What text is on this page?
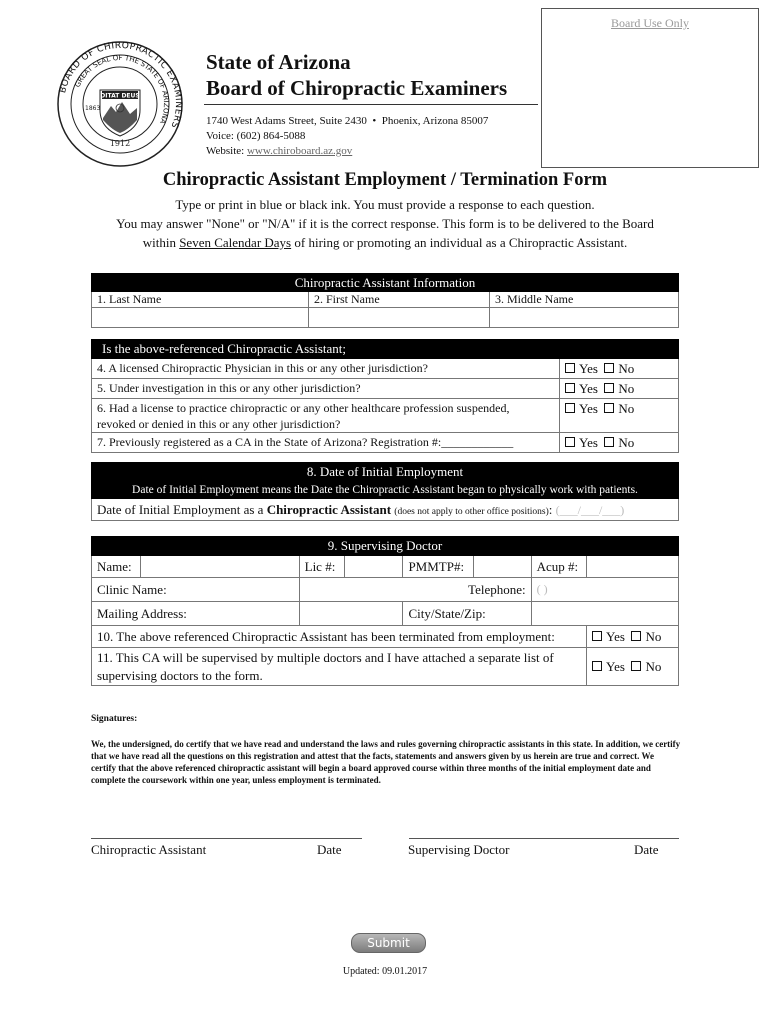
BOARD OF CHIROPRACTIC EXAMINERS
GREAT SEAL OF THE STATE OF ARIZONA
DITAT DEUS
1863
1912
State of Arizona
Board of Chiropractic Examiners
1740 West Adams Street, Suite 2430 • Phoenix, Arizona 85007
Voice: (602) 864-5088
Website: www.chiroboard.az.gov
Board Use Only
Chiropractic Assistant Employment / Termination Form
Type or print in blue or black ink. You must provide a response to each question.
You may answer "None" or "N/A" if it is the correct response. This form is to be delivered to the Board
within Seven Calendar Days of hiring or promoting an individual as a Chiropractic Assistant.
Chiropractic Assistant Information		
1. Last Name	2. First Name	3. Middle Name

Is the above-referenced Chiropractic Assistant;	
4. A licensed Chiropractic Physician in this or any other jurisdiction?	Yes No
5. Under investigation in this or any other jurisdiction?	Yes No

6. Had a license to practice chiropractic or any other healthcare profession suspended,
revoked or denied in this or any other jurisdiction?	Yes No
7. Previously registered as a CA in the State of Arizona? Registration #:____________	Yes No
8. Date of Initial Employment
Date of Initial Employment means the Date the Chiropractic Assistant began to physically work with patients.
Date of Initial Employment as a Chiropractic Assistant (does not apply to other office positions): (___/___/___)
9. Supervising Doctor							
Name:		Lic #:		PMMTP#:		Acup #:	
Clinic Name:				Telephone:		( )	
Mailing Address:				City/State/Zip:			
10. The above referenced Chiropractic Assistant has been terminated from employment:							Yes No

11. This CA will be supervised by multiple doctors and I have attached a separate list of
supervising doctors to the form.							Yes No
Signatures:
We, the undersigned, do certify that we have read and understand the laws and rules governing chiropractic assistants in this state. In addition, we certify that we have read all the questions on this registration and attest that the facts, statements and answers given by us herein are true and correct. We certify that the above referenced chiropractic assistant will begin a board approved course within three months of the initial employment date and complete the coursework within one year, unless employment is terminated.
Chiropractic Assistant	Date	Supervising Doctor	Date
Submit
Updated: 09.01.2017
